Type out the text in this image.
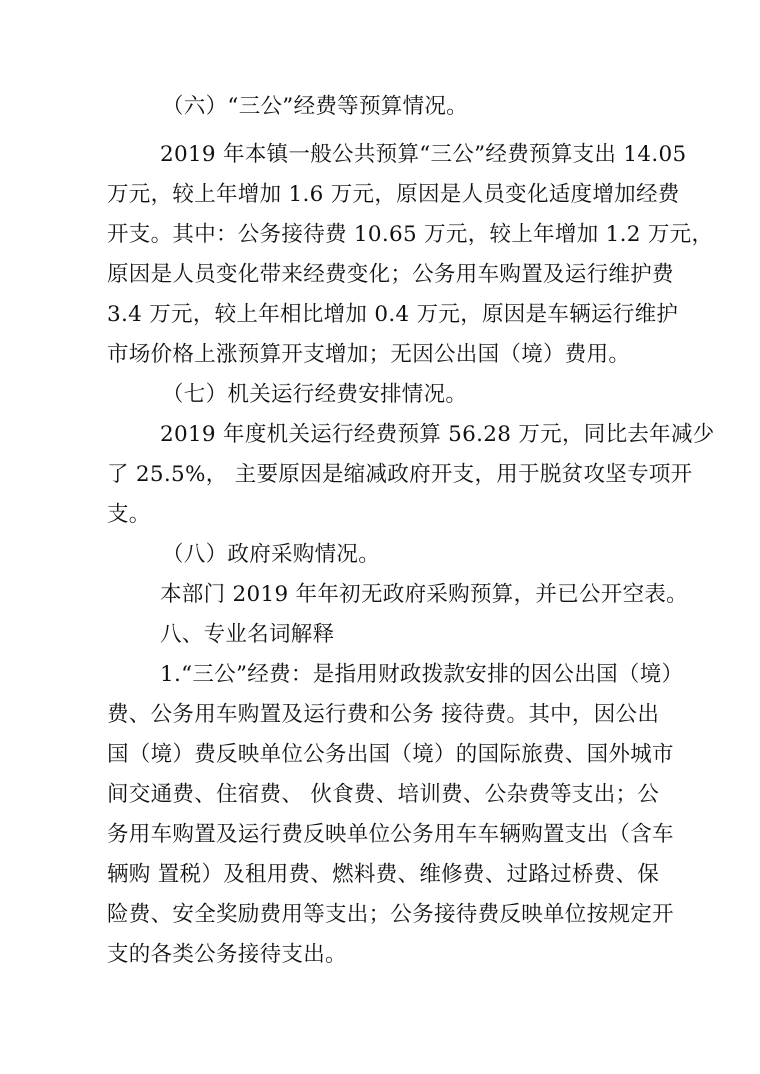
（六）“三公”经费等预算情况。
2019 年本镇一般公共预算“三公”经费预算支出 14.05
万元，较上年增加 1.6 万元，原因是人员变化适度增加经费
开支。其中：公务接待费 10.65 万元，较上年增加 1.2 万元，
原因是人员变化带来经费变化；公务用车购置及运行维护费
3.4 万元，较上年相比增加 0.4 万元，原因是车辆运行维护
市场价格上涨预算开支增加；无因公出国（境）费用。
（七）机关运行经费安排情况。
2019 年度机关运行经费预算 56.28 万元，同比去年减少
了 25.5%， 主要原因是缩减政府开支，用于脱贫攻坚专项开
支。
（八）政府采购情况。
本部门 2019 年年初无政府采购预算，并已公开空表。
八、专业名词解释
1.“三公”经费：是指用财政拨款安排的因公出国（境）
费、公务用车购置及运行费和公务 接待费。其中，因公出
国（境）费反映单位公务出国（境）的国际旅费、国外城市
间交通费、住宿费、 伙食费、培训费、公杂费等支出；公
务用车购置及运行费反映单位公务用车车辆购置支出（含车
辆购 置税）及租用费、燃料费、维修费、过路过桥费、保
险费、安全奖励费用等支出；公务接待费反映单位按规定开
支的各类公务接待支出。
